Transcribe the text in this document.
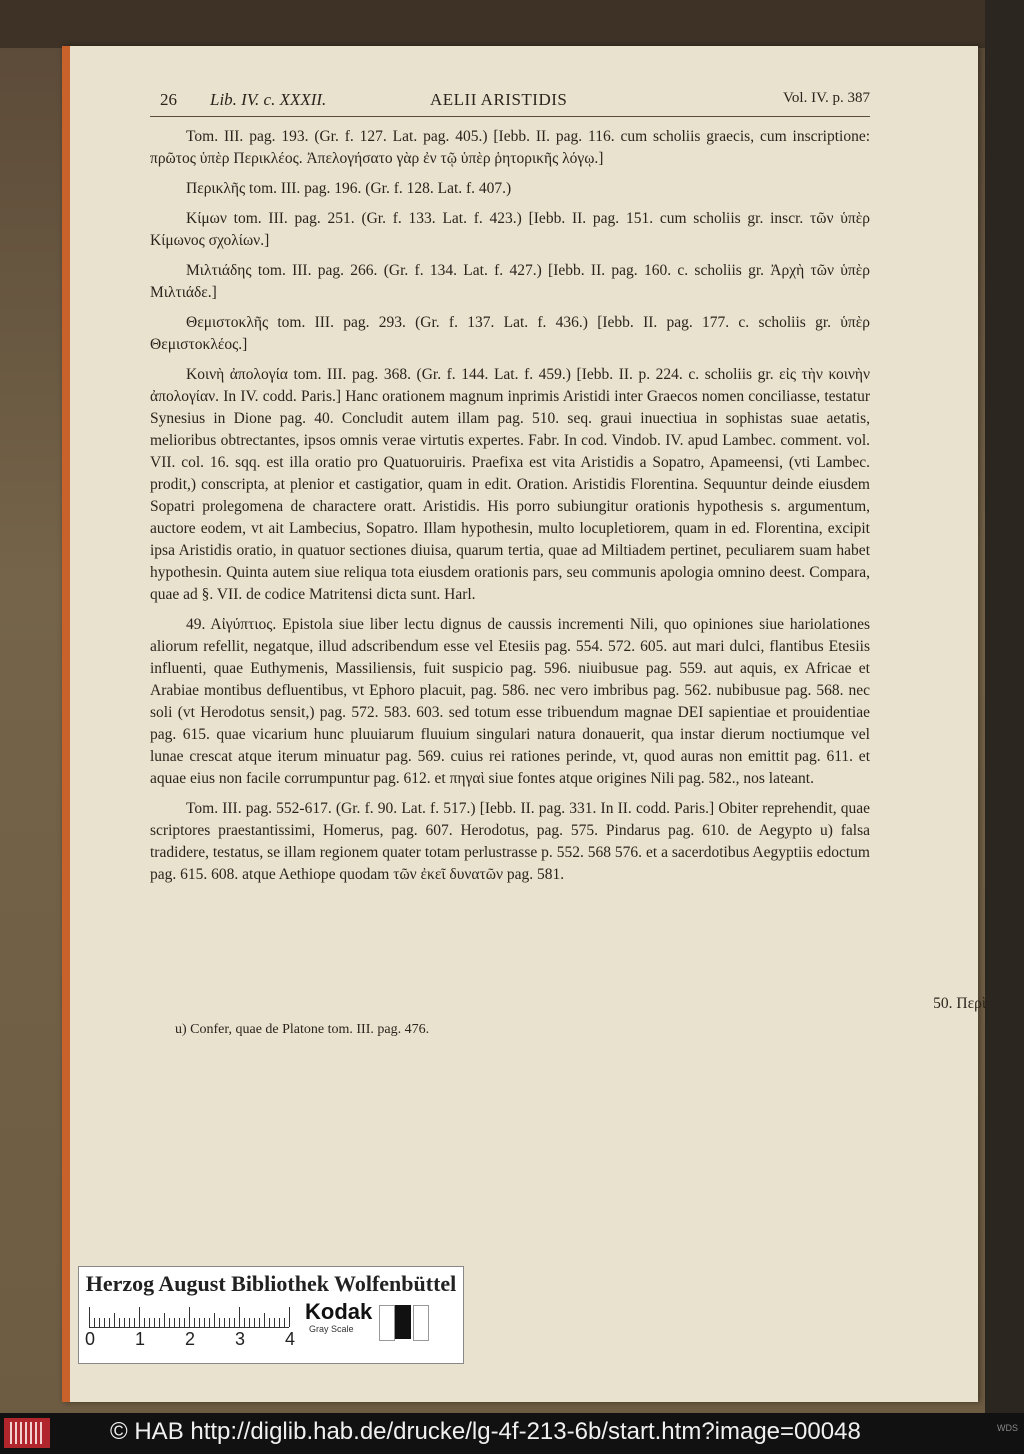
26 Lib. IV. c. XXXII.	AELII ARISTIDIS	Vol. IV. p. 387

Tom. III. pag. 193. (Gr. f. 127. Lat. pag. 405.) [Iebb. II. pag. 116. cum scholiis graecis, cum inscriptione: πρῶτος ὑπὲρ Περικλέος. Ἀπελογήσατο γὰρ ἐν τῷ ὑπὲρ ῥητορικῆς λόγῳ.]

Περικλῆς tom. III. pag. 196. (Gr. f. 128. Lat. f. 407.)

Κίμων tom. III. pag. 251. (Gr. f. 133. Lat. f. 423.) [Iebb. II. pag. 151. cum scholiis gr. inscr. τῶν ὑπὲρ Κίμωνος σχολίων.]

Μιλτιάδης tom. III. pag. 266. (Gr. f. 134. Lat. f. 427.) [Iebb. II. pag. 160. c. scholiis gr. Ἀρχὴ τῶν ὑπὲρ Μιλτιάδε.]

Θεμιστοκλῆς tom. III. pag. 293. (Gr. f. 137. Lat. f. 436.) [Iebb. II. pag. 177. c. scholiis gr. ὑπὲρ Θεμιστοκλέος.]

Κοινὴ ἀπολογία tom. III. pag. 368. (Gr. f. 144. Lat. f. 459.) [Iebb. II. p. 224. c. scholiis gr. εἰς τὴν κοινὴν ἀπολογίαν. In IV. codd. Paris.] Hanc orationem magnum inprimis Aristidi inter Graecos nomen conciliasse, testatur Synesius in Dione pag. 40. Concludit autem illam pag. 510. seq. graui inuectiua in sophistas suae aetatis, melioribus obtrectantes, ipsos omnis verae virtutis expertes. Fabr. In cod. Vindob. IV. apud Lambec. comment. vol. VII. col. 16. sqq. est illa oratio pro Quatuoruiris. Praefixa est vita Aristidis a Sopatro, Apameensi, (vti Lambec. prodit,) conscripta, at plenior et castigatior, quam in edit. Oration. Aristidis Florentina. Sequuntur deinde eiusdem Sopatri prolegomena de charactere oratt. Aristidis. His porro subiungitur orationis hypothesis s. argumentum, auctore eodem, vt ait Lambecius, Sopatro. Illam hypothesin, multo locupletiorem, quam in ed. Florentina, excipit ipsa Aristidis oratio, in quatuor sectiones diuisa, quarum tertia, quae ad Miltiadem pertinet, peculiarem suam habet hypothesin. Quinta autem siue reliqua tota eiusdem orationis pars, seu communis apologia omnino deest. Compara, quae ad §. VII. de codice Matritensi dicta sunt. Harl.

49. Αἰγύπτιος. Epistola siue liber lectu dignus de caussis incrementi Nili, quo opiniones siue hariolationes aliorum refellit, negatque, illud adscribendum esse vel Etesiis pag. 554. 572. 605. aut mari dulci, flantibus Etesiis influenti, quae Euthymenis, Massiliensis, fuit suspicio pag. 596. niuibusue pag. 559. aut aquis, ex Africae et Arabiae montibus defluentibus, vt Ephoro placuit, pag. 586. nec vero imbribus pag. 562. nubibusue pag. 568. nec soli (vt Herodotus sensit,) pag. 572. 583. 603. sed totum esse tribuendum magnae DEI sapientiae et prouidentiae pag. 615. quae vicarium hunc pluuiarum fluuium singulari natura donauerit, qua instar dierum noctiumque vel lunae crescat atque iterum minuatur pag. 569. cuius rei rationes perinde, vt, quod auras non emittit pag. 611. et aquae eius non facile corrumpuntur pag. 612. et πηγαὶ siue fontes atque origines Nili pag. 582., nos lateant.

Tom. III. pag. 552-617. (Gr. f. 90. Lat. f. 517.) [Iebb. II. pag. 331. In II. codd. Paris.] Obiter reprehendit, quae scriptores praestantissimi, Homerus, pag. 607. Herodotus, pag. 575. Pindarus pag. 610. de Aegypto u) falsa tradidere, testatus, se illam regionem quater totam perlustrasse p. 552. 568 576. et a sacerdotibus Aegyptiis edoctum pag. 615. 608. atque Aethiope quodam τῶν ἐκεῖ δυνατῶν pag. 581.

50. Περὶ
u) Confer, quae de Platone tom. III. pag. 476.
Herzog August Bibliothek Wolfenbüttel
0 1 2 3 4
Kodak
Gray Scale
© HAB http://diglib.hab.de/drucke/lg-4f-213-6b/start.htm?image=00048	WDS
